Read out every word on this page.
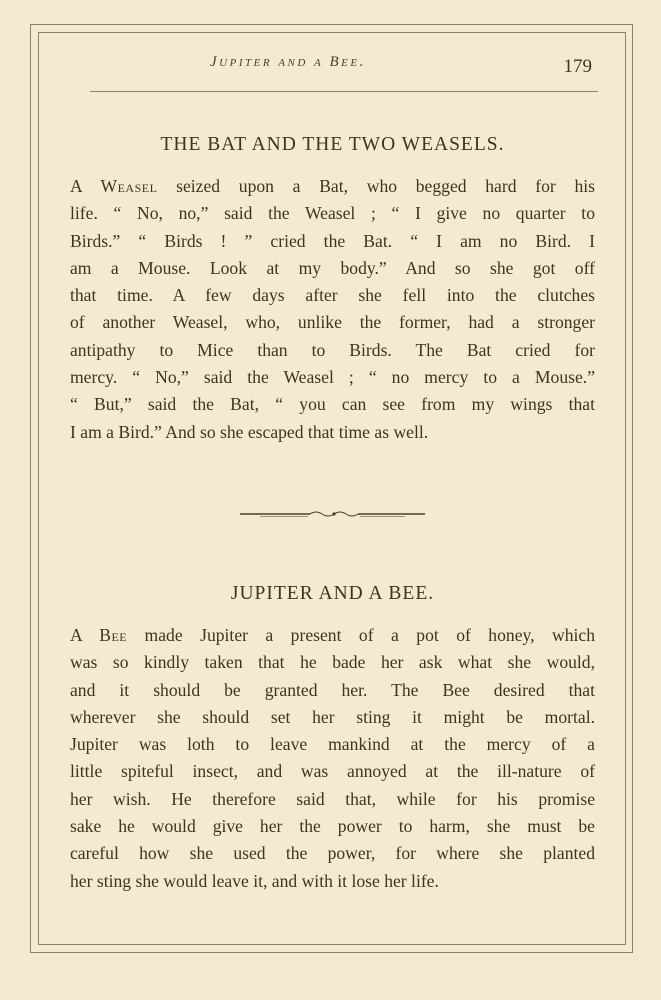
Jupiter and a Bee.	179
THE BAT AND THE TWO WEASELS.
A Weasel seized upon a Bat, who begged hard for his
life. “ No, no,” said the Weasel ; “ I give no quarter to
Birds.” “ Birds ! ” cried the Bat. “ I am no Bird. I
am a Mouse. Look at my body.” And so she got off
that time. A few days after she fell into the clutches
of another Weasel, who, unlike the former, had a stronger
antipathy to Mice than to Birds. The Bat cried for
mercy. “ No,” said the Weasel ; “ no mercy to a Mouse.”
“ But,” said the Bat, “ you can see from my wings that
I am a Bird.” And so she escaped that time as well.
JUPITER AND A BEE.
A Bee made Jupiter a present of a pot of honey, which
was so kindly taken that he bade her ask what she would,
and it should be granted her. The Bee desired that
wherever she should set her sting it might be mortal.
Jupiter was loth to leave mankind at the mercy of a
little spiteful insect, and was annoyed at the ill-nature of
her wish. He therefore said that, while for his promise
sake he would give her the power to harm, she must be
careful how she used the power, for where she planted
her sting she would leave it, and with it lose her life.
